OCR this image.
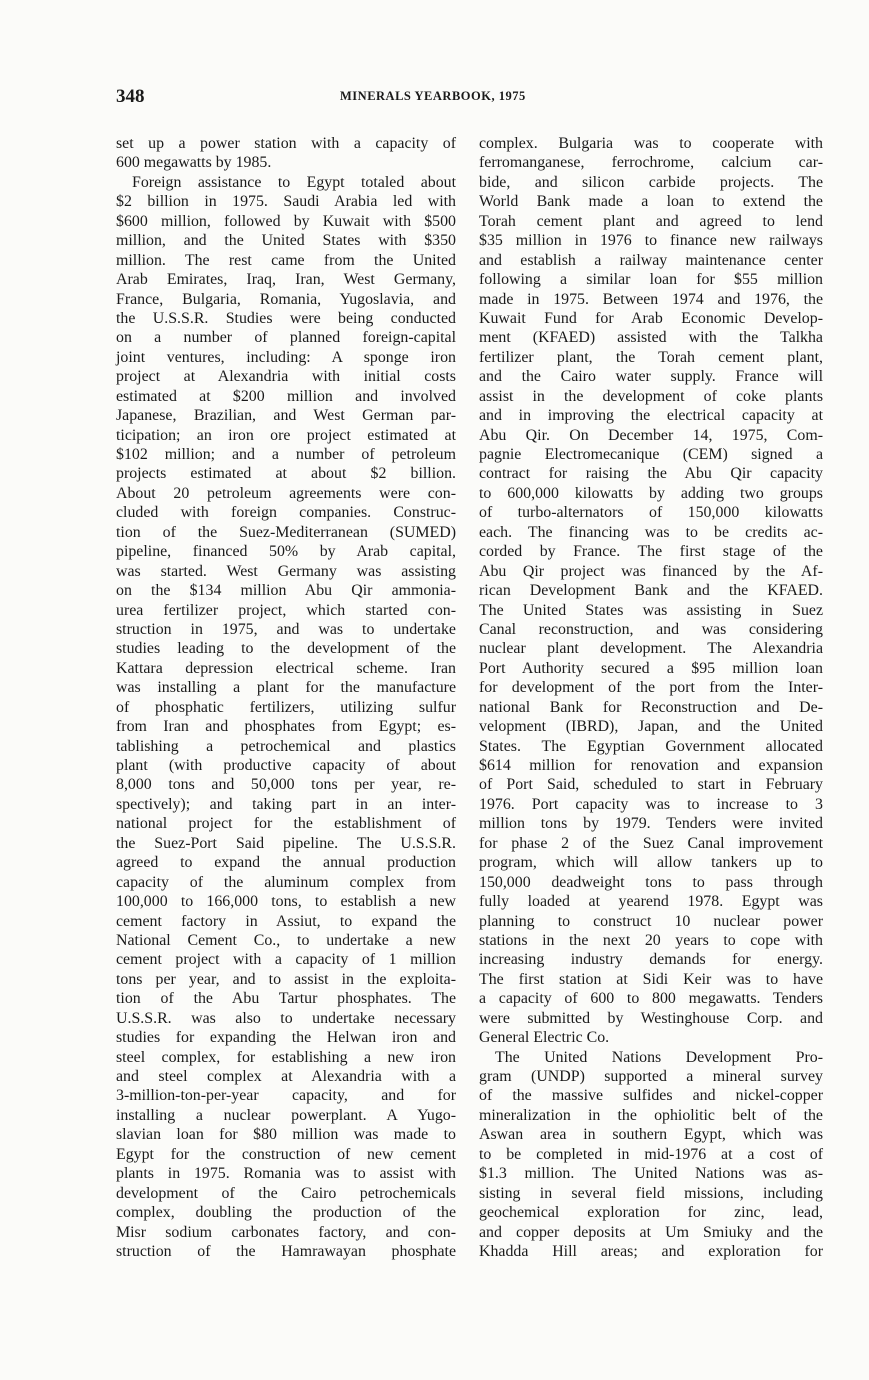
348	MINERALS YEARBOOK, 1975
set up a power station with a capacity of
600 megawatts by 1985.
Foreign assistance to Egypt totaled about
$2 billion in 1975. Saudi Arabia led with
$600 million, followed by Kuwait with $500
million, and the United States with $350
million. The rest came from the United
Arab Emirates, Iraq, Iran, West Germany,
France, Bulgaria, Romania, Yugoslavia, and
the U.S.S.R. Studies were being conducted
on a number of planned foreign-capital
joint ventures, including: A sponge iron
project at Alexandria with initial costs
estimated at $200 million and involved
Japanese, Brazilian, and West German par-
ticipation; an iron ore project estimated at
$102 million; and a number of petroleum
projects estimated at about $2 billion.
About 20 petroleum agreements were con-
cluded with foreign companies. Construc-
tion of the Suez-Mediterranean (SUMED)
pipeline, financed 50% by Arab capital,
was started. West Germany was assisting
on the $134 million Abu Qir ammonia-
urea fertilizer project, which started con-
struction in 1975, and was to undertake
studies leading to the development of the
Kattara depression electrical scheme. Iran
was installing a plant for the manufacture
of phosphatic fertilizers, utilizing sulfur
from Iran and phosphates from Egypt; es-
tablishing a petrochemical and plastics
plant (with productive capacity of about
8,000 tons and 50,000 tons per year, re-
spectively); and taking part in an inter-
national project for the establishment of
the Suez-Port Said pipeline. The U.S.S.R.
agreed to expand the annual production
capacity of the aluminum complex from
100,000 to 166,000 tons, to establish a new
cement factory in Assiut, to expand the
National Cement Co., to undertake a new
cement project with a capacity of 1 million
tons per year, and to assist in the exploita-
tion of the Abu Tartur phosphates. The
U.S.S.R. was also to undertake necessary
studies for expanding the Helwan iron and
steel complex, for establishing a new iron
and steel complex at Alexandria with a
3-million-ton-per-year capacity, and for
installing a nuclear powerplant. A Yugo-
slavian loan for $80 million was made to
Egypt for the construction of new cement
plants in 1975. Romania was to assist with
development of the Cairo petrochemicals
complex, doubling the production of the
Misr sodium carbonates factory, and con-
struction of the Hamrawayan phosphate
complex. Bulgaria was to cooperate with
ferromanganese, ferrochrome, calcium car-
bide, and silicon carbide projects. The
World Bank made a loan to extend the
Torah cement plant and agreed to lend
$35 million in 1976 to finance new railways
and establish a railway maintenance center
following a similar loan for $55 million
made in 1975. Between 1974 and 1976, the
Kuwait Fund for Arab Economic Develop-
ment (KFAED) assisted with the Talkha
fertilizer plant, the Torah cement plant,
and the Cairo water supply. France will
assist in the development of coke plants
and in improving the electrical capacity at
Abu Qir. On December 14, 1975, Com-
pagnie Electromecanique (CEM) signed a
contract for raising the Abu Qir capacity
to 600,000 kilowatts by adding two groups
of turbo-alternators of 150,000 kilowatts
each. The financing was to be credits ac-
corded by France. The first stage of the
Abu Qir project was financed by the Af-
rican Development Bank and the KFAED.
The United States was assisting in Suez
Canal reconstruction, and was considering
nuclear plant development. The Alexandria
Port Authority secured a $95 million loan
for development of the port from the Inter-
national Bank for Reconstruction and De-
velopment (IBRD), Japan, and the United
States. The Egyptian Government allocated
$614 million for renovation and expansion
of Port Said, scheduled to start in February
1976. Port capacity was to increase to 3
million tons by 1979. Tenders were invited
for phase 2 of the Suez Canal improvement
program, which will allow tankers up to
150,000 deadweight tons to pass through
fully loaded at yearend 1978. Egypt was
planning to construct 10 nuclear power
stations in the next 20 years to cope with
increasing industry demands for energy.
The first station at Sidi Keir was to have
a capacity of 600 to 800 megawatts. Tenders
were submitted by Westinghouse Corp. and
General Electric Co.
The United Nations Development Pro-
gram (UNDP) supported a mineral survey
of the massive sulfides and nickel-copper
mineralization in the ophiolitic belt of the
Aswan area in southern Egypt, which was
to be completed in mid-1976 at a cost of
$1.3 million. The United Nations was as-
sisting in several field missions, including
geochemical exploration for zinc, lead,
and copper deposits at Um Smiuky and the
Khadda Hill areas; and exploration for
